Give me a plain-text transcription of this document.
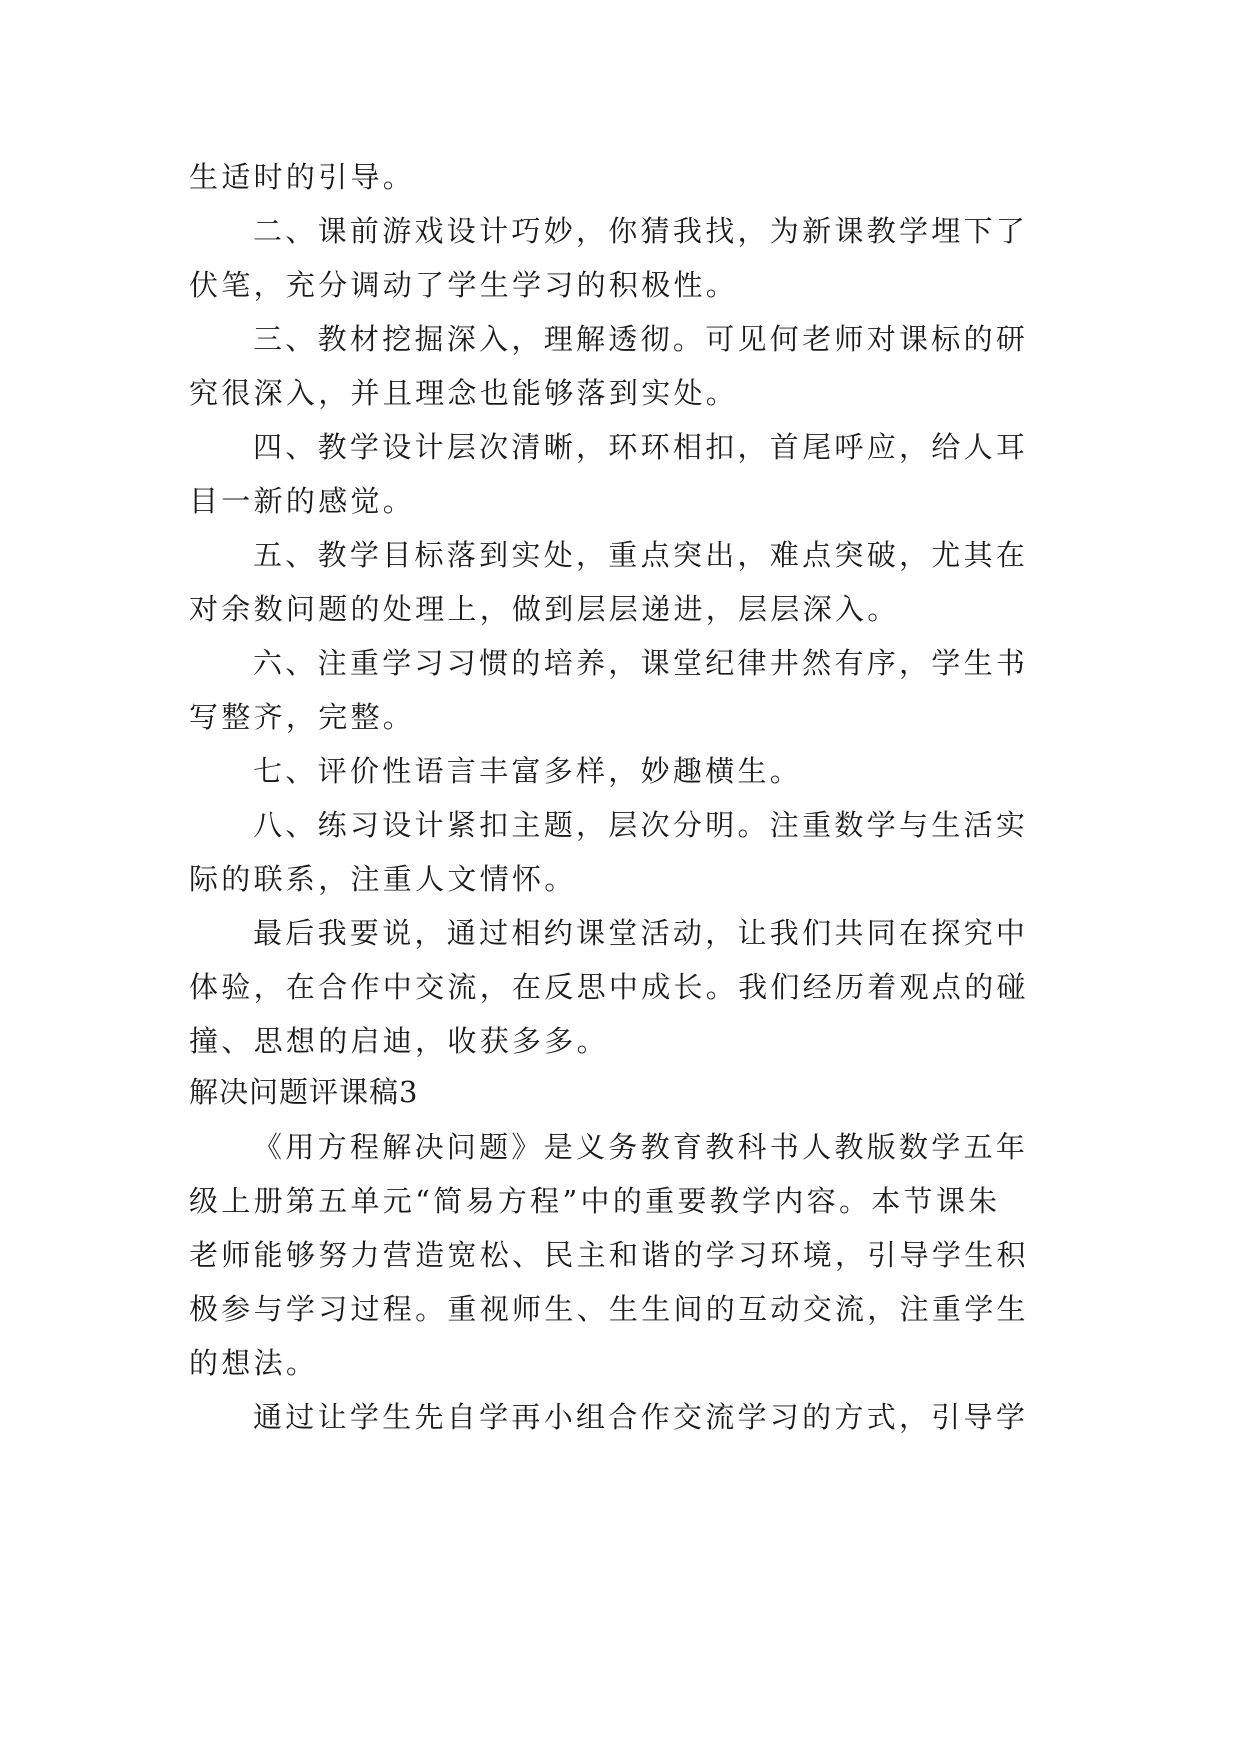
生适时的引导。
二、课前游戏设计巧妙，你猜我找，为新课教学埋下了
伏笔，充分调动了学生学习的积极性。
三、教材挖掘深入，理解透彻。可见何老师对课标的研
究很深入，并且理念也能够落到实处。
四、教学设计层次清晰，环环相扣，首尾呼应，给人耳
目一新的感觉。
五、教学目标落到实处，重点突出，难点突破，尤其在
对余数问题的处理上，做到层层递进，层层深入。
六、注重学习习惯的培养，课堂纪律井然有序，学生书
写整齐，完整。
七、评价性语言丰富多样，妙趣横生。
八、练习设计紧扣主题，层次分明。注重数学与生活实
际的联系，注重人文情怀。
最后我要说，通过相约课堂活动，让我们共同在探究中
体验，在合作中交流，在反思中成长。我们经历着观点的碰
撞、思想的启迪，收获多多。
解决问题评课稿3
《用方程解决问题》是义务教育教科书人教版数学五年
级上册第五单元“简易方程”中的重要教学内容。本节课朱
老师能够努力营造宽松、民主和谐的学习环境，引导学生积
极参与学习过程。重视师生、生生间的互动交流，注重学生
的想法。
通过让学生先自学再小组合作交流学习的方式，引导学
